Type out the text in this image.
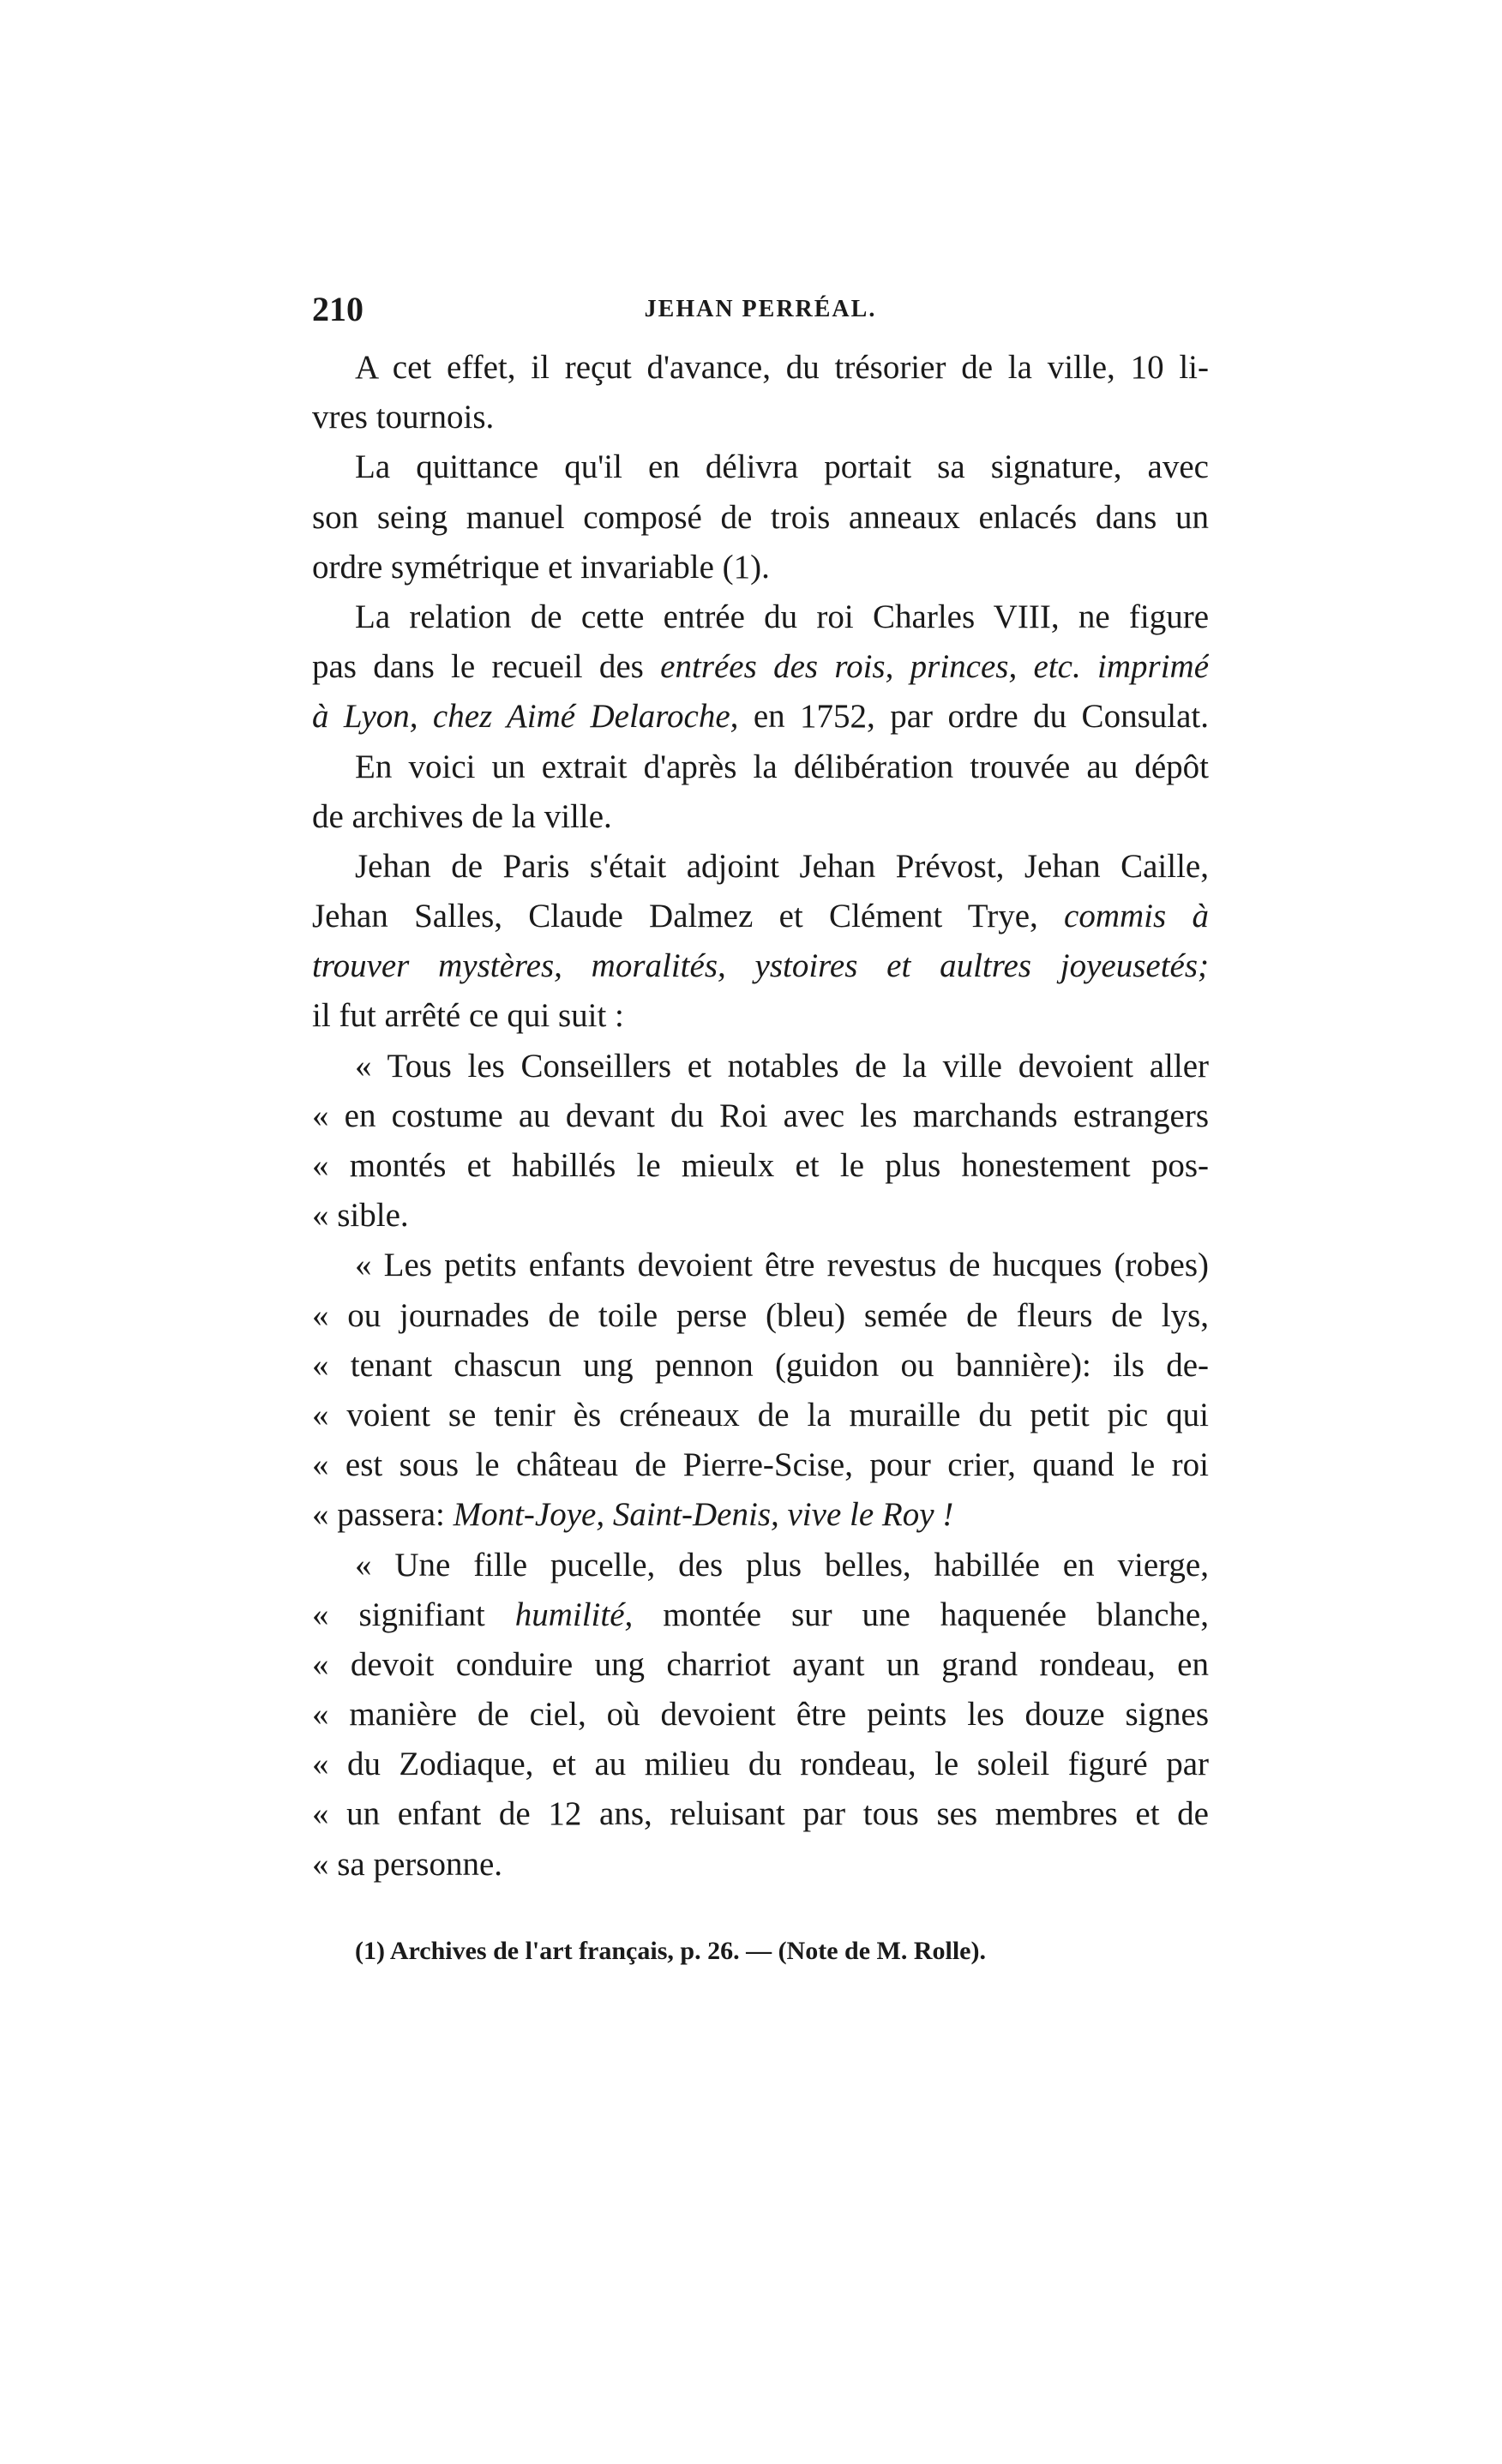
210	JEHAN PERRÉAL.
A cet effet, il reçut d'avance, du trésorier de la ville, 10 li-
vres tournois.
La quittance qu'il en délivra portait sa signature, avec
son seing manuel composé de trois anneaux enlacés dans un
ordre symétrique et invariable (1).
La relation de cette entrée du roi Charles VIII, ne figure
pas dans le recueil des entrées des rois, princes, etc. imprimé
à Lyon, chez Aimé Delaroche, en 1752, par ordre du Consulat.
En voici un extrait d'après la délibération trouvée au dépôt
de archives de la ville.
Jehan de Paris s'était adjoint Jehan Prévost, Jehan Caille,
Jehan Salles, Claude Dalmez et Clément Trye, commis à
trouver mystères, moralités, ystoires et aultres joyeusetés;
il fut arrêté ce qui suit :
« Tous les Conseillers et notables de la ville devoient aller
« en costume au devant du Roi avec les marchands estrangers
« montés et habillés le mieulx et le plus honestement pos-
« sible.
« Les petits enfants devoient être revestus de hucques (robes)
« ou journades de toile perse (bleu) semée de fleurs de lys,
« tenant chascun ung pennon (guidon ou bannière): ils de-
« voient se tenir ès créneaux de la muraille du petit pic qui
« est sous le château de Pierre-Scise, pour crier, quand le roi
« passera: Mont-Joye, Saint-Denis, vive le Roy !
« Une fille pucelle, des plus belles, habillée en vierge,
« signifiant humilité, montée sur une haquenée blanche,
« devoit conduire ung charriot ayant un grand rondeau, en
« manière de ciel, où devoient être peints les douze signes
« du Zodiaque, et au milieu du rondeau, le soleil figuré par
« un enfant de 12 ans, reluisant par tous ses membres et de
« sa personne.
(1) Archives de l'art français, p. 26. — (Note de M. Rolle).
